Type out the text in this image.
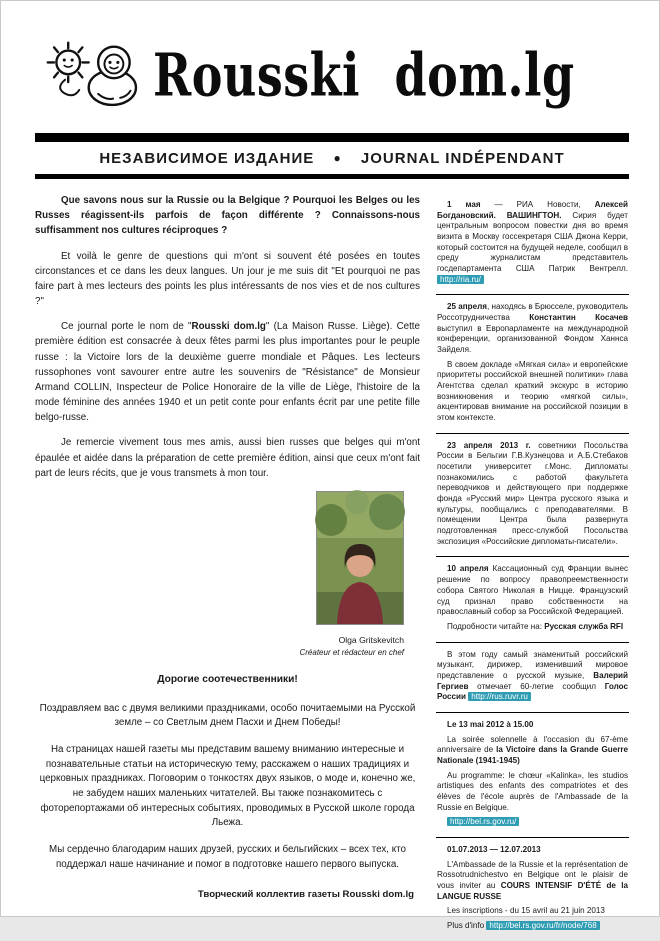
Rousski dom.lg
НЕЗАВИСИМОЕ ИЗДАНИЕ ● JOURNAL INDÉPENDANT

Que savons nous sur la Russie ou la Belgique ? Pourquoi les Belges ou les Russes réagissent-ils parfois de façon différente ? Connaissons-nous suffisamment nos cultures réciproques ?

Et voilà le genre de questions qui m'ont si souvent été posées en toutes circonstances et ce dans les deux langues. Un jour je me suis dit "Et pourquoi ne pas faire part à mes lecteurs des points les plus intéressants de nos vies et de nos cultures ?"

Ce journal porte le nom de "Rousski dom.lg" (La Maison Russe. Liège). Cette première édition est consacrée à deux fêtes parmi les plus importantes pour le peuple russe : la Victoire lors de la deuxième guerre mondiale et Pâques. Les lecteurs russophones vont savourer entre autre les souvenirs de "Résistance" de Monsieur Armand COLLIN, Inspecteur de Police Honoraire de la ville de Liège, l'histoire de la mode féminine des années 1940 et un petit conte pour enfants écrit par une petite fille belgo-russe.

Je remercie vivement tous mes amis, aussi bien russes que belges qui m'ont épaulée et aidée dans la préparation de cette première édition, ainsi que ceux m'ont fait part de leurs récits, que je vous transmets à mon tour.

Olga Gritskevitch
Créateur et rédacteur en chef

Дорогие соотечественники!

Поздравляем вас с двумя великими праздниками, особо почитаемыми на Русской земле – со Светлым днем Пасхи и Днем Победы!

На страницах нашей газеты мы представим вашему вниманию интересные и познавательные статьи на историческую тему, расскажем о наших традициях и церковных праздниках. Поговорим о тонкостях двух языков, о моде и, конечно же, не забудем наших маленьких читателей. Вы также познакомитесь с фоторепортажами об интересных событиях, проводимых в Русской школе города Льежа.

Мы сердечно благодарим наших друзей, русских и бельгийских – всех тех, кто поддержал наше начинание и помог в подготовке нашего первого выпуска.

Творческий коллектив газеты Rousski dom.lg

1 мая — РИА Новости, Алексей Богдановский. ВАШИНГТОН. Сирия будет центральным вопросом повестки дня во время визита в Москву госсекретаря США Джона Керри, который состоится на будущей неделе, сообщил в среду журналистам представитель госдепартамента США Патрик Вентрелл. http://ria.ru/

25 апреля, находясь в Брюсселе, руководитель Россотрудничества Константин Косачев выступил в Европарламенте на международной конференции, организованной Фондом Ханнса Зайделя.

В своем докладе «Мягкая сила» и европейские приоритеты российской внешней политики» глава Агентства сделал краткий экскурс в историю возникновения и теорию «мягкой силы», акцентировав внимание на российской позиции в этом контексте.

23 апреля 2013 г. советники Посольства России в Бельгии Г.В.Кузнецова и А.Б.Стебаков посетили университет г.Монс. Дипломаты познакомились с работой факультета переводчиков и действующего при поддержке фонда «Русский мир» Центра русского языка и культуры, пообщались с преподавателями. В помещении Центра была развернута подготовленная пресс-службой Посольства экспозиция «Российские дипломаты-писатели».

10 апреля Кассационный суд Франции вынес решение по вопросу правопреемственности собора Святого Николая в Ницце. Французский суд признал право собственности на православный собор за Российской Федерацией.

Подробности читайте на: Русская служба RFI

В этом году самый знаменитый российский музыкант, дирижер, изменивший мировое представление о русской музыке, Валерий Гергиев отмечает 60-летие сообщил Голос России http://rus.ruvr.ru

Le 13 mai 2012 à 15.00

La soirée solennelle à l'occasion du 67-ème anniversaire de la Victoire dans la Grande Guerre Nationale (1941-1945)

Au programme: le chœur «Kalinka», les studios artistiques des enfants des compatriotes et des élèves de l'école auprès de l'Ambassade de la Russie en Belgique.

http://bel.rs.gov.ru/

01.07.2013 — 12.07.2013

L'Ambassade de la Russie et la représentation de Rossotrudnichestvo en Belgique ont le plaisir de vous inviter au COURS INTENSIF D'ÉTÉ de la LANGUE RUSSE

Les inscriptions - du 15 avril au 21 juin 2013

Plus d'info http://bel.rs.gov.ru/fr/node/768
